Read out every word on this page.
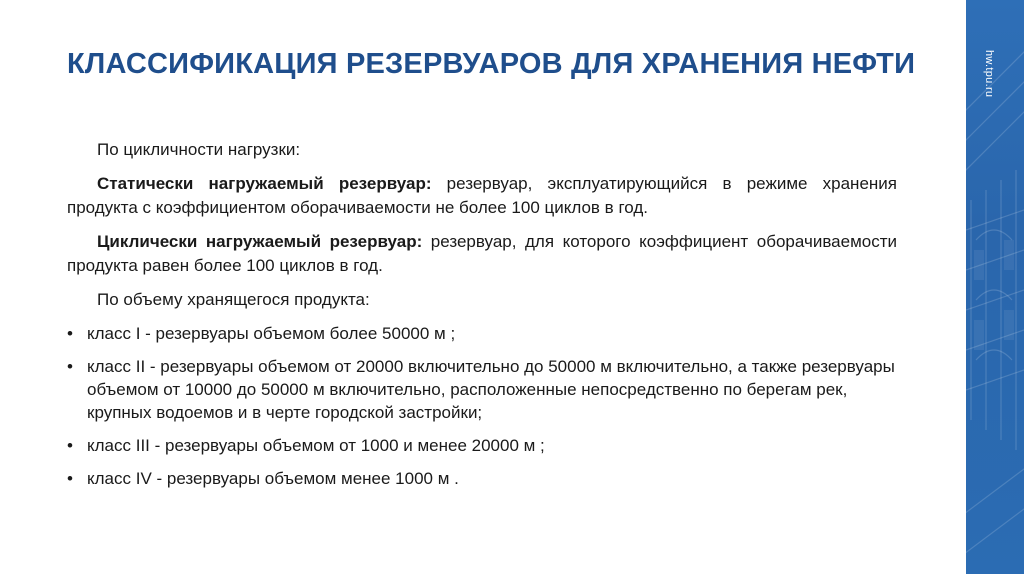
КЛАССИФИКАЦИЯ РЕЗЕРВУАРОВ ДЛЯ ХРАНЕНИЯ НЕФТИ

По цикличности нагрузки:

Статически нагружаемый резервуар: резервуар, эксплуатирующийся в режиме хранения продукта с коэффициентом оборачиваемости не более 100 циклов в год.

Циклически нагружаемый резервуар: резервуар, для которого коэффициент оборачиваемости продукта равен более 100 циклов в год.

По объему хранящегося продукта:

• класс I - резервуары объемом более 50000 м ;
• класс II - резервуары объемом от 20000 включительно до 50000 м включительно, а также резервуары объемом от 10000 до 50000 м включительно, расположенные непосредственно по берегам рек, крупных водоемов и в черте городской застройки;
• класс III - резервуары объемом от 1000 и менее 20000 м ;
• класс IV - резервуары объемом менее 1000 м .
hw.tpu.ru
